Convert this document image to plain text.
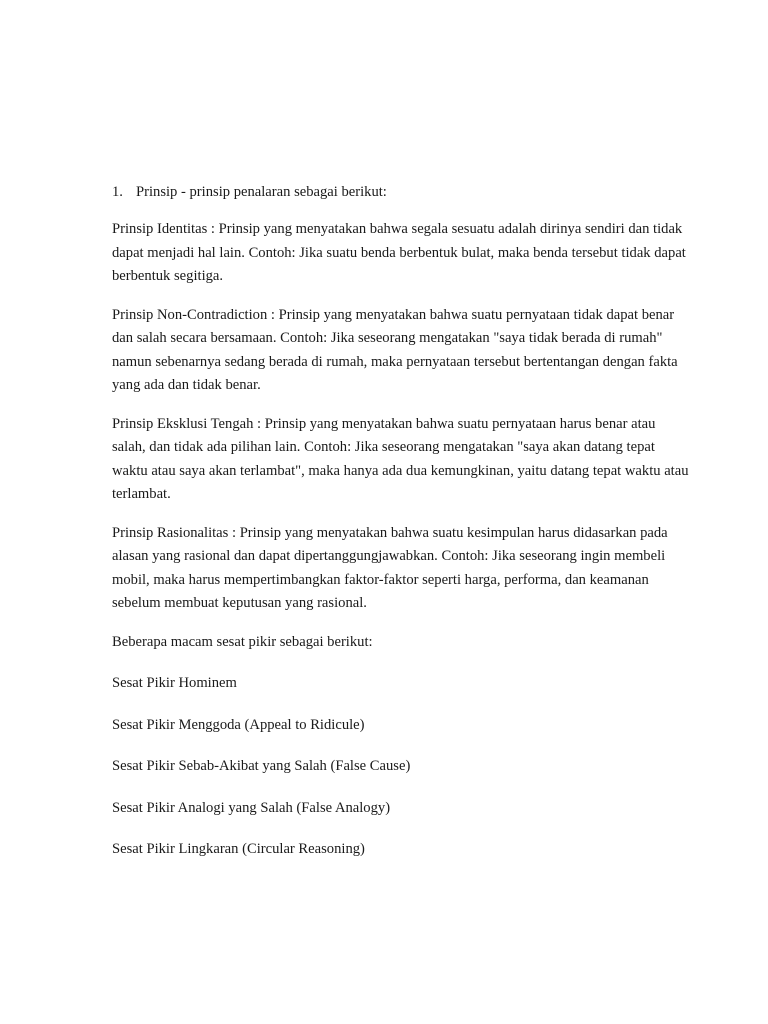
1. Prinsip - prinsip penalaran sebagai berikut:

Prinsip Identitas : Prinsip yang menyatakan bahwa segala sesuatu adalah dirinya sendiri dan tidak dapat menjadi hal lain. Contoh: Jika suatu benda berbentuk bulat, maka benda tersebut tidak dapat berbentuk segitiga.

Prinsip Non-Contradiction : Prinsip yang menyatakan bahwa suatu pernyataan tidak dapat benar dan salah secara bersamaan. Contoh: Jika seseorang mengatakan "saya tidak berada di rumah" namun sebenarnya sedang berada di rumah, maka pernyataan tersebut bertentangan dengan fakta yang ada dan tidak benar.

Prinsip Eksklusi Tengah : Prinsip yang menyatakan bahwa suatu pernyataan harus benar atau salah, dan tidak ada pilihan lain. Contoh: Jika seseorang mengatakan "saya akan datang tepat waktu atau saya akan terlambat", maka hanya ada dua kemungkinan, yaitu datang tepat waktu atau terlambat.

Prinsip Rasionalitas : Prinsip yang menyatakan bahwa suatu kesimpulan harus didasarkan pada alasan yang rasional dan dapat dipertanggungjawabkan. Contoh: Jika seseorang ingin membeli mobil, maka harus mempertimbangkan faktor-faktor seperti harga, performa, dan keamanan sebelum membuat keputusan yang rasional.

Beberapa macam sesat pikir sebagai berikut:

Sesat Pikir Hominem

Sesat Pikir Menggoda (Appeal to Ridicule)

Sesat Pikir Sebab-Akibat yang Salah (False Cause)

Sesat Pikir Analogi yang Salah (False Analogy)

Sesat Pikir Lingkaran (Circular Reasoning)
